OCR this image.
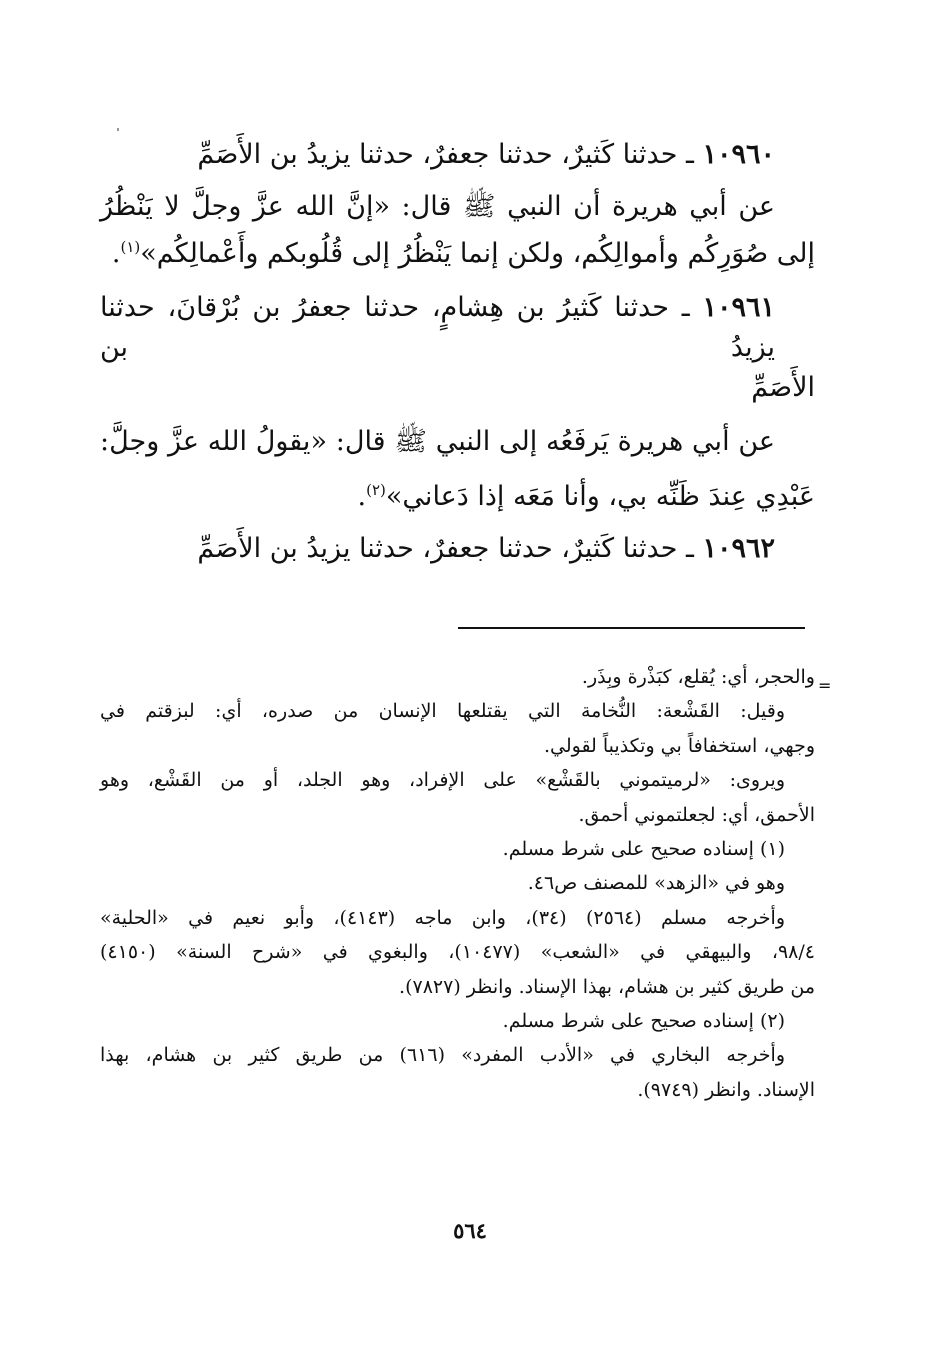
١٠٩٦٠ ـ حدثنا كَثيرٌ، حدثنا جعفرٌ، حدثنا يزيدُ بن الأَصَمِّ
عن أبي هريرة أن النبي ﷺ قال: «إنَّ الله عزَّ وجلَّ لا يَنْظُرُ
إلى صُوَرِكُم وأموالِكُم، ولكن إنما يَنْظُرُ إلى قُلُوبكم وأَعْمالِكُم»$^{(١)}$.
١٠٩٦١ ـ حدثنا كَثيرُ بن هِشامٍ، حدثنا جعفرُ بن بُرْقانَ، حدثنا يزيدُ بن
الأَصَمِّ
عن أبي هريرة يَرفَعُه إلى النبي ﷺ قال: «يقولُ الله عزَّ وجلَّ:
عَبْدِي عِندَ ظَنِّه بي، وأنا مَعَه إذا دَعاني»$^{(٢)}$.
١٠٩٦٢ ـ حدثنا كَثيرٌ، حدثنا جعفرٌ، حدثنا يزيدُ بن الأَصَمِّ
=
والحجر، أي: يُقلع، كبَذْرة وبِذَر.
وقيل: القَشْعة: النُّخامة التي يقتلعها الإنسان من صدره، أي: لبزقتم في
وجهي، استخفافاً بي وتكذيباً لقولي.
ويروى: «لرميتموني بالقَشْع» على الإفراد، وهو الجلد، أو من القَشْع، وهو
الأحمق، أي: لجعلتموني أحمق.
(١) إسناده صحيح على شرط مسلم.
وهو في «الزهد» للمصنف ص٤٦.
وأخرجه مسلم (٢٥٦٤) (٣٤)، وابن ماجه (٤١٤٣)، وأبو نعيم في «الحلية»
٩٨/٤، والبيهقي في «الشعب» (١٠٤٧٧)، والبغوي في «شرح السنة» (٤١٥٠)
من طريق كثير بن هشام، بهذا الإسناد. وانظر (٧٨٢٧).
(٢) إسناده صحيح على شرط مسلم.
وأخرجه البخاري في «الأدب المفرد» (٦١٦) من طريق كثير بن هشام، بهذا
الإسناد. وانظر (٩٧٤٩).
٥٦٤
